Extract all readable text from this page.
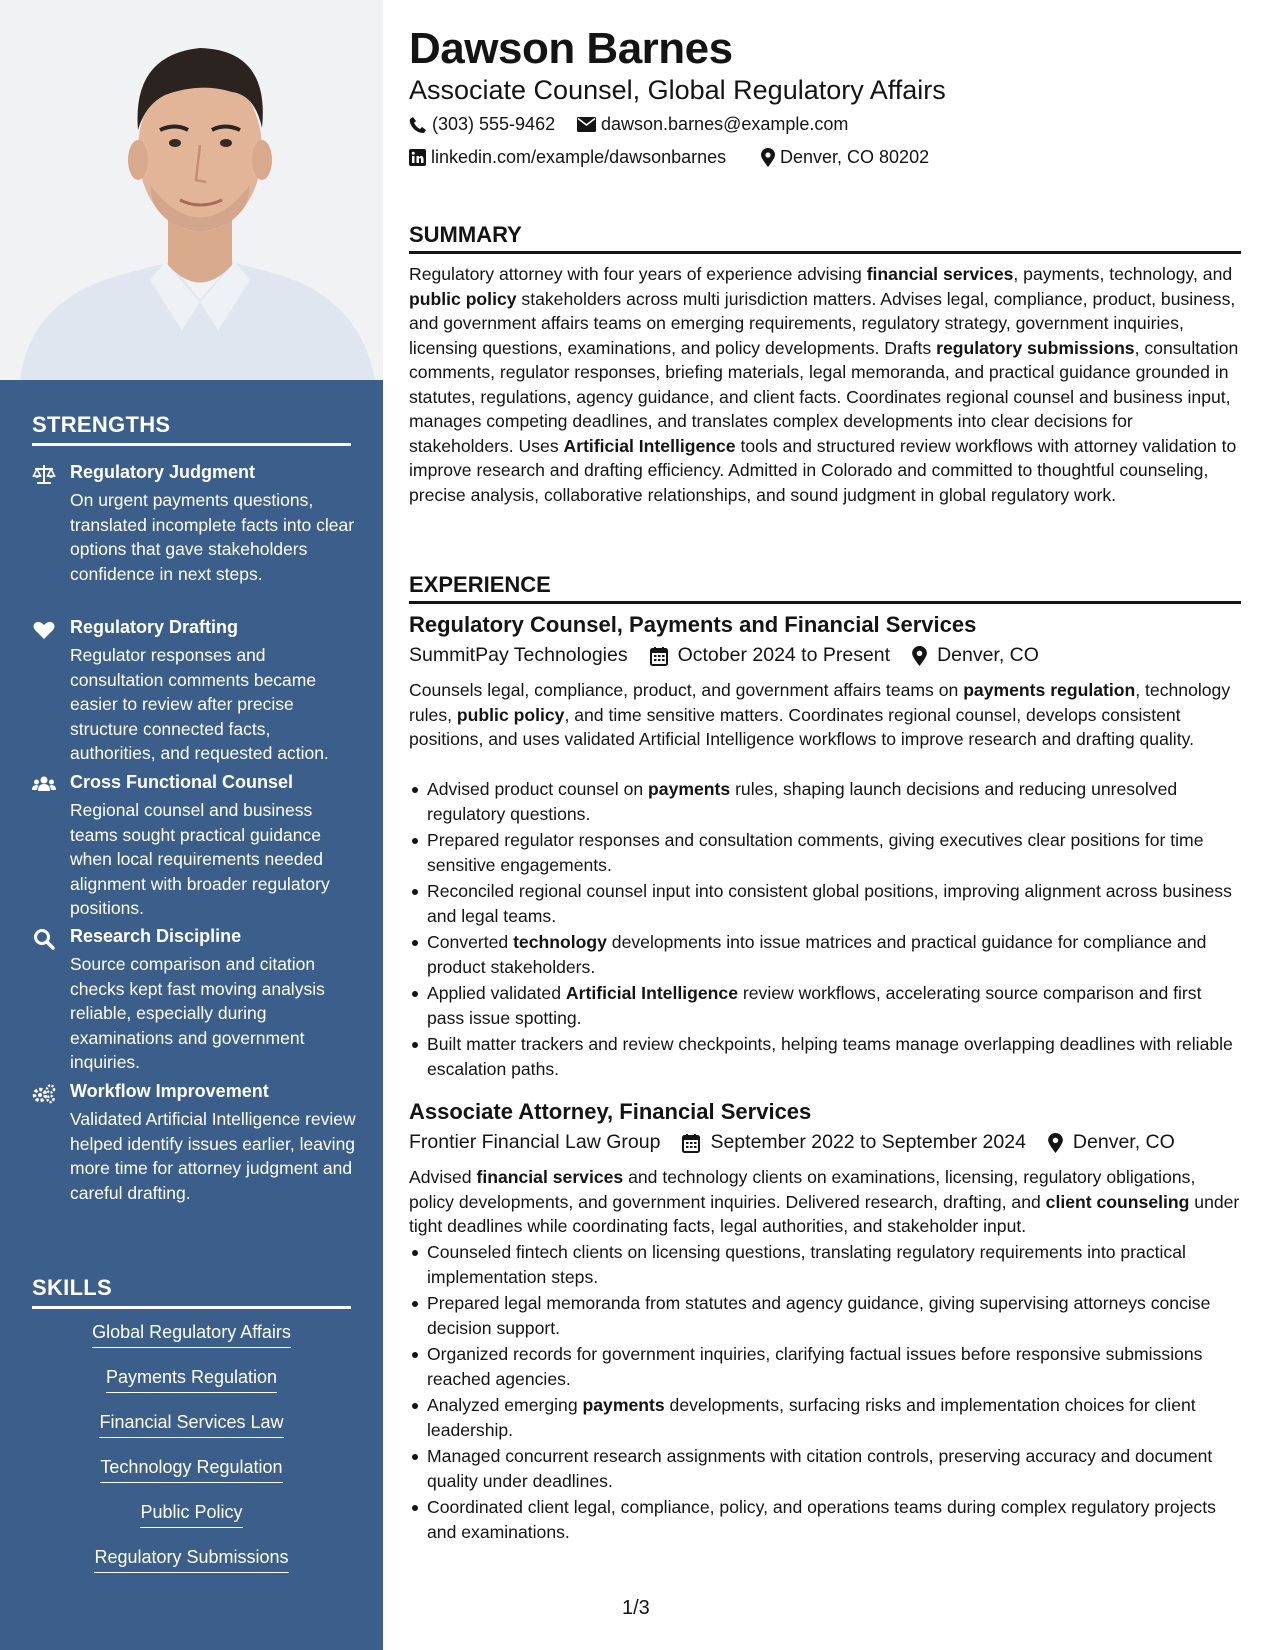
STRENGTHS
Regulatory Judgment
On urgent payments questions, translated incomplete facts into clear options that gave stakeholders confidence in next steps.
Regulatory Drafting
Regulator responses and consultation comments became easier to review after precise structure connected facts, authorities, and requested action.
Cross Functional Counsel
Regional counsel and business teams sought practical guidance when local requirements needed alignment with broader regulatory positions.
Research Discipline
Source comparison and citation checks kept fast moving analysis reliable, especially during examinations and government inquiries.
Workflow Improvement
Validated Artificial Intelligence review helped identify issues earlier, leaving more time for attorney judgment and careful drafting.
SKILLS
Global Regulatory Affairs
Payments Regulation
Financial Services Law
Technology Regulation
Public Policy
Regulatory Submissions
Dawson Barnes
Associate Counsel, Global Regulatory Affairs
(303) 555-9462	dawson.barnes@example.com
linkedin.com/example/dawsonbarnes	Denver, CO 80202
SUMMARY
Regulatory attorney with four years of experience advising financial services, payments, technology, and public policy stakeholders across multi jurisdiction matters. Advises legal, compliance, product, business, and government affairs teams on emerging requirements, regulatory strategy, government inquiries, licensing questions, examinations, and policy developments. Drafts regulatory submissions, consultation comments, regulator responses, briefing materials, legal memoranda, and practical guidance grounded in statutes, regulations, agency guidance, and client facts. Coordinates regional counsel and business input, manages competing deadlines, and translates complex developments into clear decisions for stakeholders. Uses Artificial Intelligence tools and structured review workflows with attorney validation to improve research and drafting efficiency. Admitted in Colorado and committed to thoughtful counseling, precise analysis, collaborative relationships, and sound judgment in global regulatory work.
EXPERIENCE
Regulatory Counsel, Payments and Financial Services
SummitPay Technologies	October 2024 to Present Denver, CO
Counsels legal, compliance, product, and government affairs teams on payments regulation, technology rules, public policy, and time sensitive matters. Coordinates regional counsel, develops consistent positions, and uses validated Artificial Intelligence workflows to improve research and drafting quality.
Advised product counsel on payments rules, shaping launch decisions and reducing unresolved regulatory questions.
Prepared regulator responses and consultation comments, giving executives clear positions for time sensitive engagements.
Reconciled regional counsel input into consistent global positions, improving alignment across business and legal teams.
Converted technology developments into issue matrices and practical guidance for compliance and product stakeholders.
Applied validated Artificial Intelligence review workflows, accelerating source comparison and first pass issue spotting.
Built matter trackers and review checkpoints, helping teams manage overlapping deadlines with reliable escalation paths.
Associate Attorney, Financial Services
Frontier Financial Law Group	September 2022 to September 2024 Denver, CO
Advised financial services and technology clients on examinations, licensing, regulatory obligations, policy developments, and government inquiries. Delivered research, drafting, and client counseling under tight deadlines while coordinating facts, legal authorities, and stakeholder input.
Counseled fintech clients on licensing questions, translating regulatory requirements into practical implementation steps.
Prepared legal memoranda from statutes and agency guidance, giving supervising attorneys concise decision support.
Organized records for government inquiries, clarifying factual issues before responsive submissions reached agencies.
Analyzed emerging payments developments, surfacing risks and implementation choices for client leadership.
Managed concurrent research assignments with citation controls, preserving accuracy and document quality under deadlines.
Coordinated client legal, compliance, policy, and operations teams during complex regulatory projects and examinations.
1/3
